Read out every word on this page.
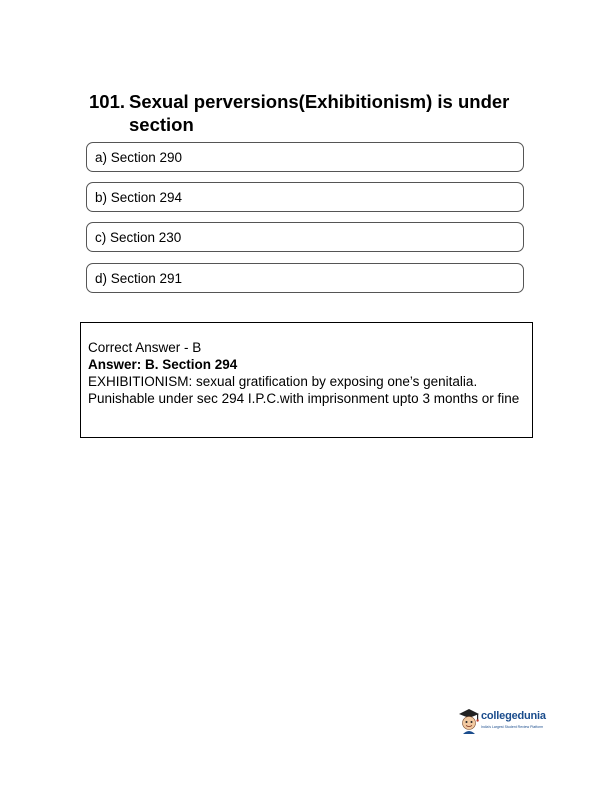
101. Sexual perversions(Exhibitionism) is under section
a) Section 290
b) Section 294
c) Section 230
d) Section 291
Correct Answer - B
Answer: B. Section 294
EXHIBITIONISM: sexual gratification by exposing one’s genitalia. Punishable under sec 294 I.P.C.with imprisonment upto 3 months or fine
collegedunia
India's Largest Student Review Platform
